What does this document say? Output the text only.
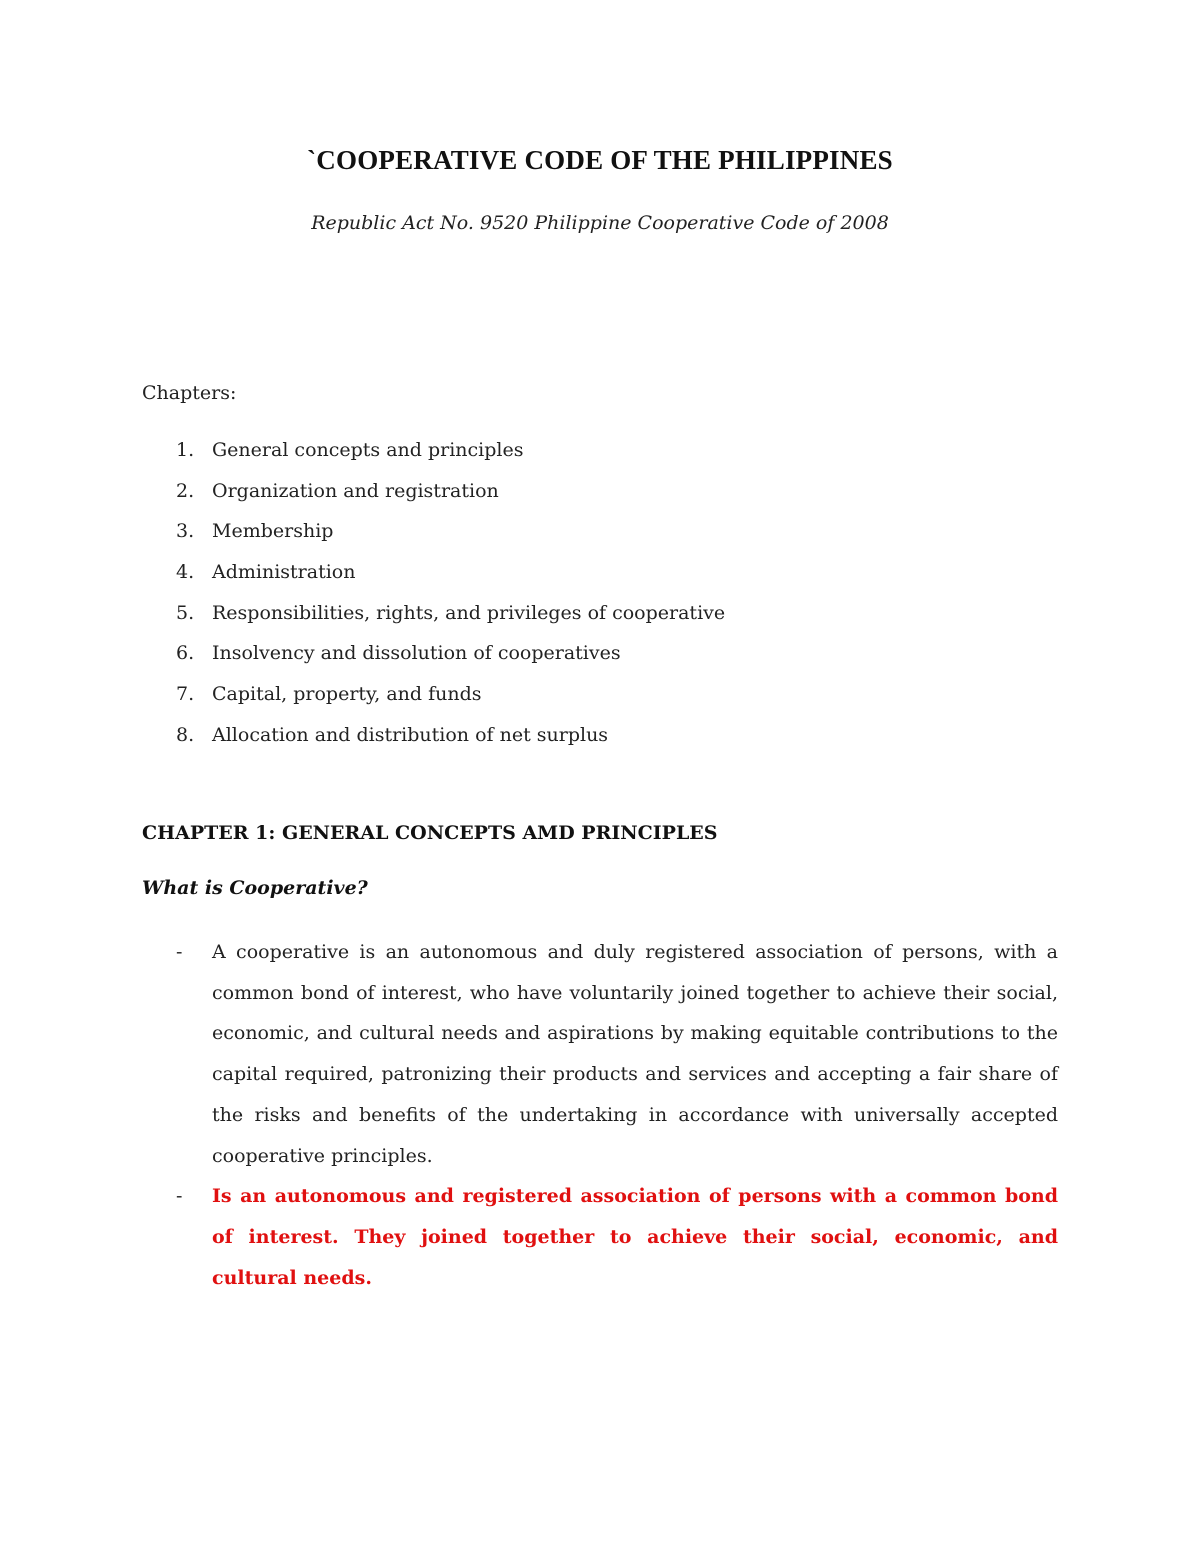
`COOPERATIVE CODE OF THE PHILIPPINES

Republic Act No. 9520 Philippine Cooperative Code of 2008

Chapters:

1. General concepts and principles
2. Organization and registration
3. Membership
4. Administration
5. Responsibilities, rights, and privileges of cooperative
6. Insolvency and dissolution of cooperatives
7. Capital, property, and funds
8. Allocation and distribution of net surplus
CHAPTER 1: GENERAL CONCEPTS AMD PRINCIPLES
What is Cooperative?
-	A cooperative is an autonomous and duly registered association of persons, with a common bond of interest, who have voluntarily joined together to achieve their social, economic, and cultural needs and aspirations by making equitable contributions to the capital required, patronizing their products and services and accepting a fair share of the risks and benefits of the undertaking in accordance with universally accepted cooperative principles.
-	Is an autonomous and registered association of persons with a common bond of interest. They joined together to achieve their social, economic, and cultural needs.
